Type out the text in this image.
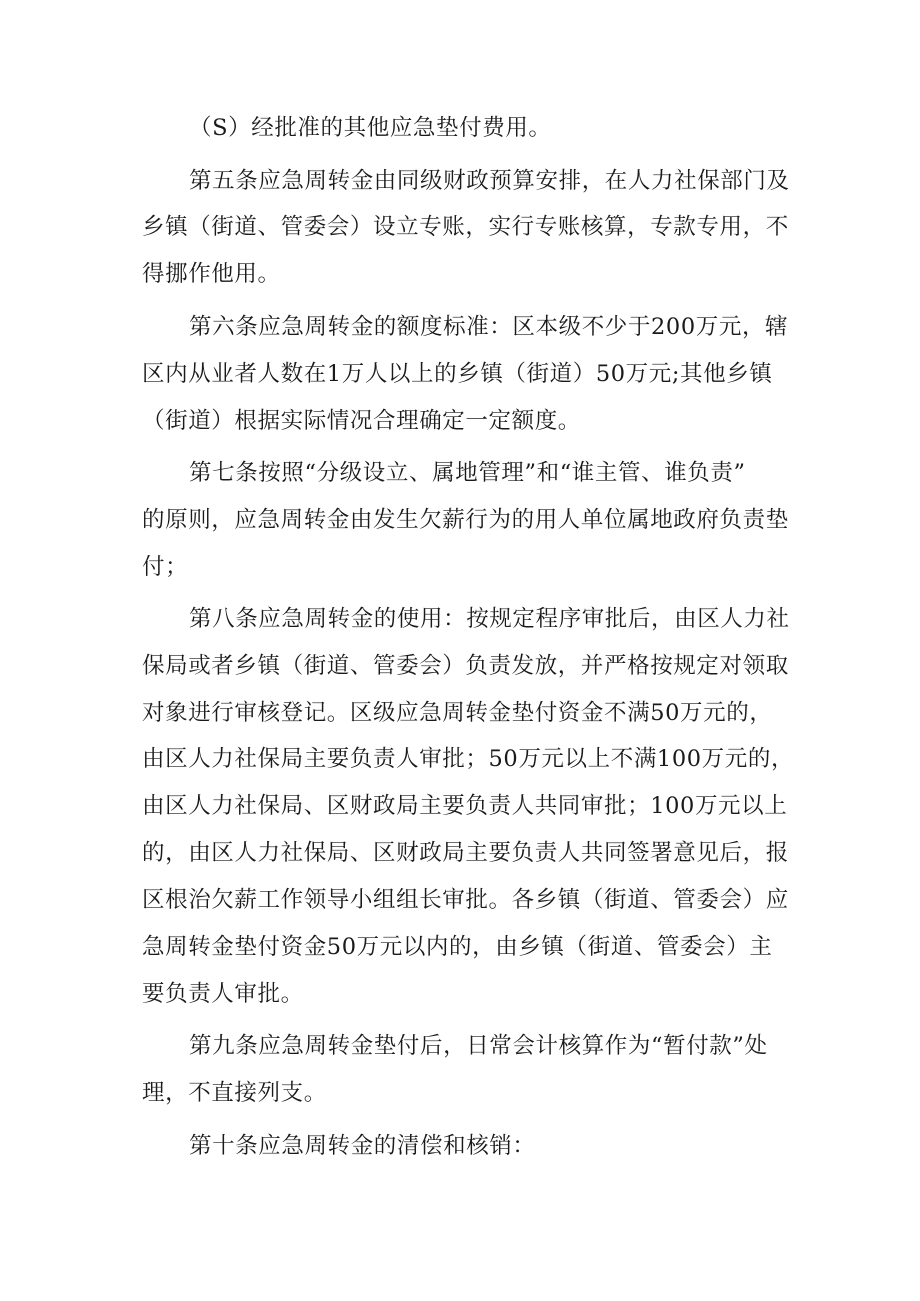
（S）经批准的其他应急垫付费用。
第五条应急周转金由同级财政预算安排，在人力社保部门及
乡镇（街道、管委会）设立专账，实行专账核算，专款专用，不
得挪作他用。
第六条应急周转金的额度标准：区本级不少于200万元，辖
区内从业者人数在1万人以上的乡镇（街道）50万元;其他乡镇
（街道）根据实际情况合理确定一定额度。
第七条按照“分级设立、属地管理”和“谁主管、谁负责”
的原则，应急周转金由发生欠薪行为的用人单位属地政府负责垫
付；
第八条应急周转金的使用：按规定程序审批后，由区人力社
保局或者乡镇（街道、管委会）负责发放，并严格按规定对领取
对象进行审核登记。区级应急周转金垫付资金不满50万元的，
由区人力社保局主要负责人审批；50万元以上不满100万元的，
由区人力社保局、区财政局主要负责人共同审批；100万元以上
的，由区人力社保局、区财政局主要负责人共同签署意见后，报
区根治欠薪工作领导小组组长审批。各乡镇（街道、管委会）应
急周转金垫付资金50万元以内的，由乡镇（街道、管委会）主
要负责人审批。
第九条应急周转金垫付后，日常会计核算作为“暂付款”处
理，不直接列支。
第十条应急周转金的清偿和核销：
